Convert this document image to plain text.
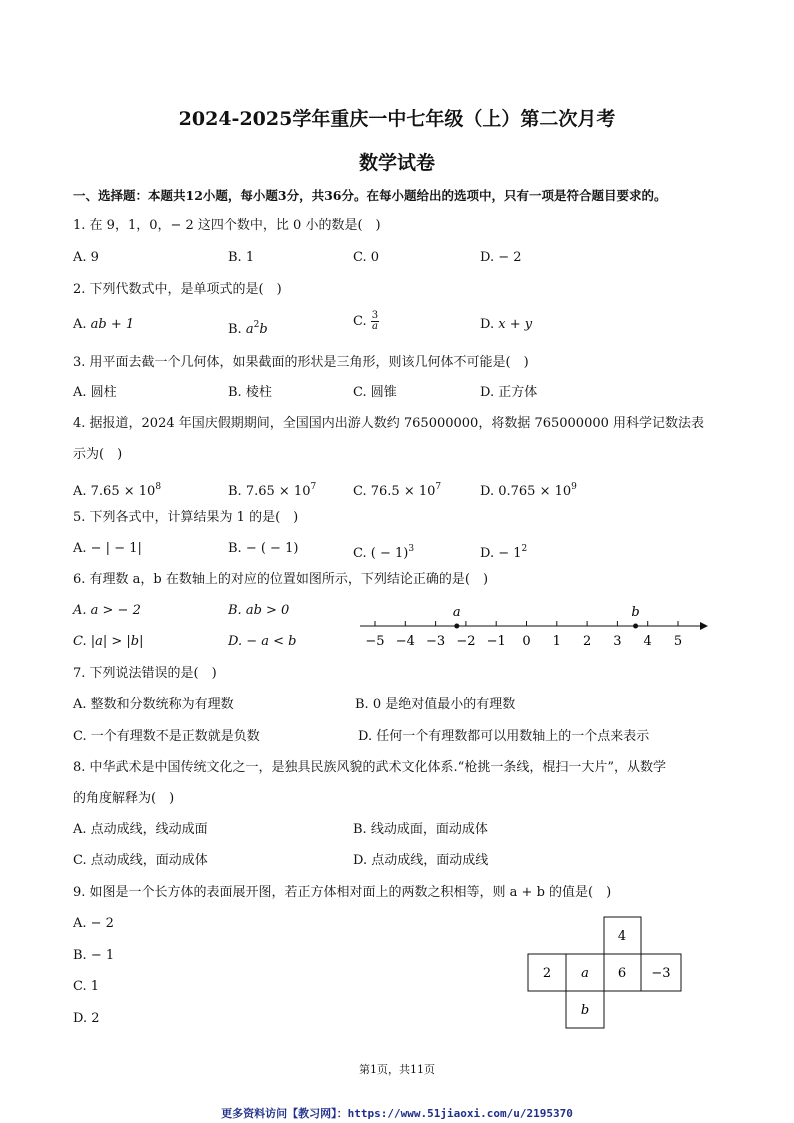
2024-2025学年重庆一中七年级（上）第二次月考
数学试卷
一、选择题：本题共12小题，每小题3分，共36分。在每小题给出的选项中，只有一项是符合题目要求的。
1. 在 9，1，0，− 2 这四个数中，比 0 小的数是(　)
A. 9	B. 1	C. 0	D. − 2
2. 下列代数式中，是单项式的是(　)
A. ab + 1	B. $a^2b$
C. $\frac{3}{a}$	D. x + y
3. 用平面去截一个几何体，如果截面的形状是三角形，则该几何体不可能是(　)
A. 圆柱	B. 棱柱	C. 圆锥	D. 正方体
4. 据报道，2024 年国庆假期期间，全国国内出游人数约 765000000，将数据 765000000 用科学记数法表
示为(　)
A. $7.65 \times 10^8$	B. $7.65 \times 10^7$	C. $76.5 \times 10^7$	D. $0.765 \times 10^9$
5. 下列各式中，计算结果为 1 的是(　)
A. − | − 1|	B. − ( − 1)	C. ( − 1)$^3$	D. − $1^2$
6. 有理数 a，b 在数轴上的对应的位置如图所示，下列结论正确的是(　)
A. a > − 2	B. ab > 0
C. |a| > |b|	D. − a < b	−5 −4 −3 −2 −1 0 1 2 3 4 5
a	b
7. 下列说法错误的是(　)
A. 整数和分数统称为有理数	B. 0 是绝对值最小的有理数
C. 一个有理数不是正数就是负数	D. 任何一个有理数都可以用数轴上的一个点来表示
8. 中华武术是中国传统文化之一，是独具民族风貌的武术文化体系.“枪挑一条线，棍扫一大片”，从数学
的角度解释为(　)
A. 点动成线，线动成面	B. 线动成面，面动成体
C. 点动成线，面动成体	D. 点动成线，面动成线
9. 如图是一个长方体的表面展开图，若正方体相对面上的两数之积相等，则 a + b 的值是(　)
A. − 2
B. − 1
C. 1
D. 2
4
2 a 6 −3
b
第1页，共11页
更多资料访问【教习网】：https://www.51jiaoxi.com/u/2195370
